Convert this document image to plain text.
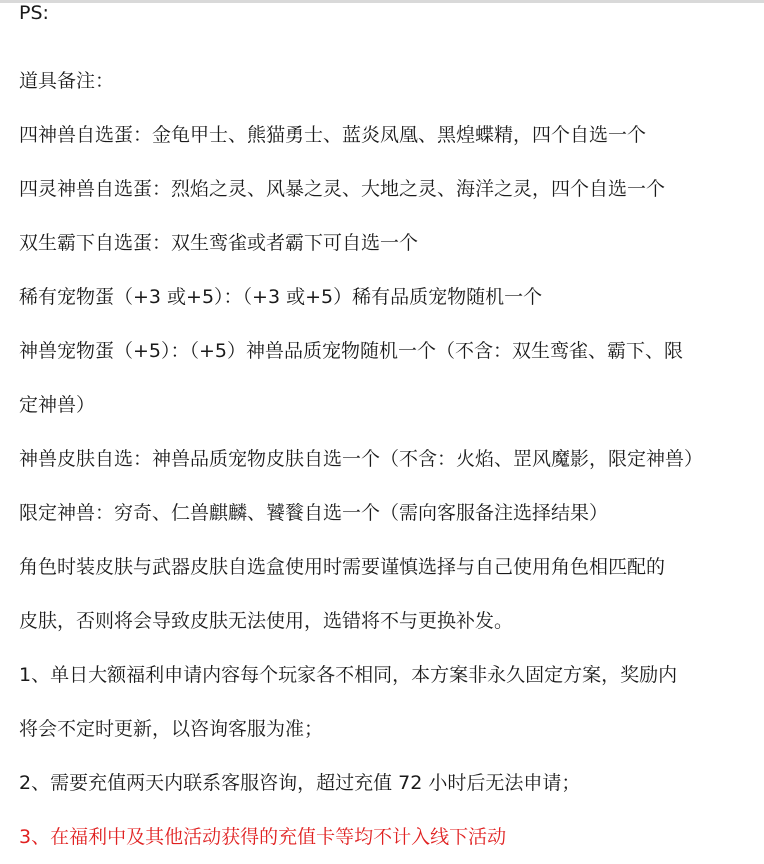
PS:
道具备注：
四神兽自选蛋：金龟甲士、熊猫勇士、蓝炎凤凰、黑煌蝶精，四个自选一个
四灵神兽自选蛋：烈焰之灵、风暴之灵、大地之灵、海洋之灵，四个自选一个
双生霸下自选蛋：双生鸾雀或者霸下可自选一个
稀有宠物蛋（+3 或+5）：（+3 或+5）稀有品质宠物随机一个
神兽宠物蛋（+5）：（+5）神兽品质宠物随机一个（不含：双生鸾雀、霸下、限
定神兽）
神兽皮肤自选：神兽品质宠物皮肤自选一个（不含：火焰、罡风魔影，限定神兽）
限定神兽：穷奇、仁兽麒麟、饕餮自选一个（需向客服备注选择结果）
角色时装皮肤与武器皮肤自选盒使用时需要谨慎选择与自己使用角色相匹配的
皮肤，否则将会导致皮肤无法使用，选错将不与更换补发。
1、单日大额福利申请内容每个玩家各不相同，本方案非永久固定方案，奖励内
将会不定时更新，以咨询客服为准；
2、需要充值两天内联系客服咨询，超过充值 72 小时后无法申请；
3、在福利中及其他活动获得的充值卡等均不计入线下活动
